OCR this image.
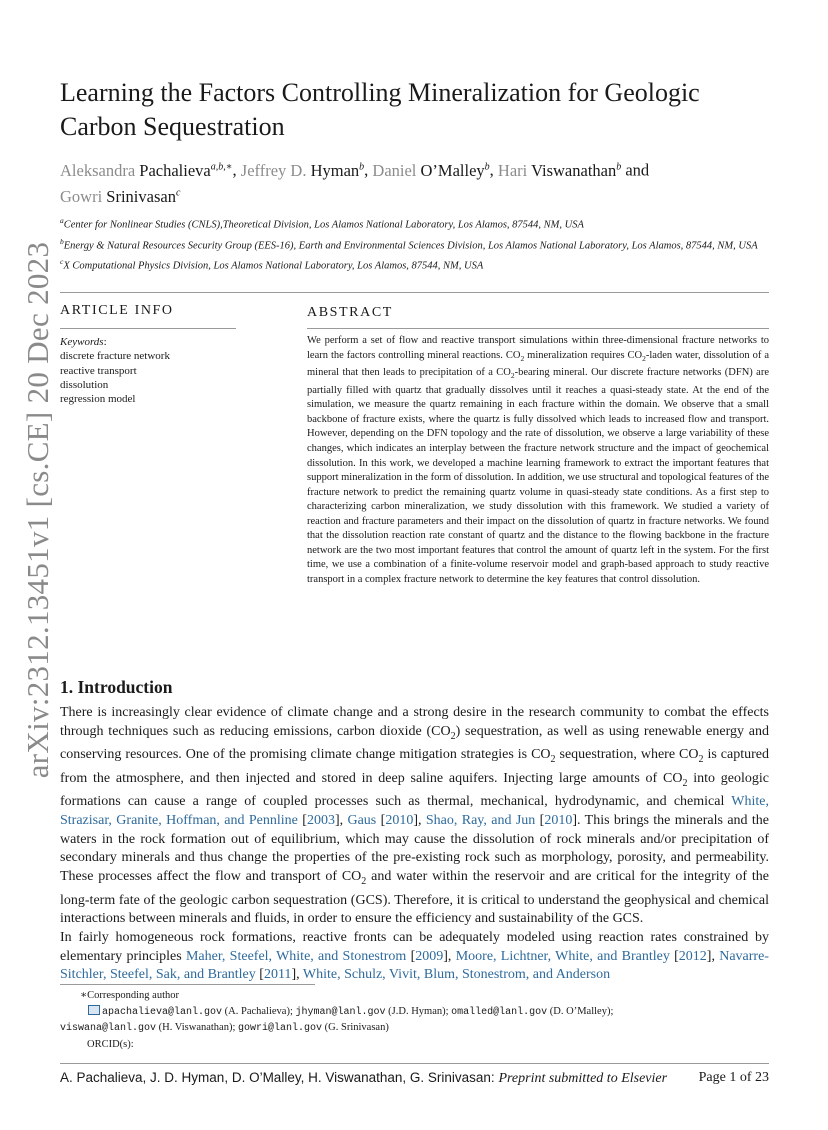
arXiv:2312.13451v1 [cs.CE] 20 Dec 2023
Learning the Factors Controlling Mineralization for Geologic
Carbon Sequestration
Aleksandra Pachalieva$^{a,b,∗}$, Jeffrey D. Hyman$^b$, Daniel O’Malley$^b$, Hari Viswanathan$^b$ and
Gowri Srinivasan$^c$
$^a$Center for Nonlinear Studies (CNLS),Theoretical Division, Los Alamos National Laboratory, Los Alamos, 87544, NM, USA
$^b$Energy & Natural Resources Security Group (EES-16), Earth and Environmental Sciences Division, Los Alamos National Laboratory, Los Alamos, 87544, NM, USA
$^c$X Computational Physics Division, Los Alamos National Laboratory, Los Alamos, 87544, NM, USA
ARTICLE INFO	ABSTRACT
Keywords:
discrete fracture network
reactive transport
dissolution
regression model
We perform a set of flow and reactive transport simulations within three-dimensional fracture networks to learn the factors controlling mineral reactions. $CO_2$ mineralization requires $CO_2$-laden water, dissolution of a mineral that then leads to precipitation of a $CO_2$-bearing mineral. Our discrete fracture networks (DFN) are partially filled with quartz that gradually dissolves until it reaches a quasi-steady state. At the end of the simulation, we measure the quartz remaining in each fracture within the domain. We observe that a small backbone of fracture exists, where the quartz is fully dissolved which leads to increased flow and transport. However, depending on the DFN topology and the rate of dissolution, we observe a large variability of these changes, which indicates an interplay between the fracture network structure and the impact of geochemical dissolution. In this work, we developed a machine learning framework to extract the important features that support mineralization in the form of dissolution. In addition, we use structural and topological features of the fracture network to predict the remaining quartz volume in quasi-steady state conditions. As a first step to characterizing carbon mineralization, we study dissolution with this framework. We studied a variety of reaction and fracture parameters and their impact on the dissolution of quartz in fracture networks. We found that the dissolution reaction rate constant of quartz and the distance to the flowing backbone in the fracture network are the two most important features that control the amount of quartz left in the system. For the first time, we use a combination of a finite-volume reservoir model and graph-based approach to study reactive transport in a complex fracture network to determine the key features that control dissolution.
1. Introduction

There is increasingly clear evidence of climate change and a strong desire in the research community to combat the effects through techniques such as reducing emissions, carbon dioxide $(CO_2)$ sequestration, as well as using renewable energy and conserving resources. One of the promising climate change mitigation strategies is $CO_2$ sequestration, where $CO_2$ is captured from the atmosphere, and then injected and stored in deep saline aquifers. Injecting large amounts of $CO_2$ into geologic formations can cause a range of coupled processes such as thermal, mechanical, hydrodynamic, and chemical White, Strazisar, Granite, Hoffman, and Pennline [2003], Gaus [2010], Shao, Ray, and Jun [2010]. This brings the minerals and the waters in the rock formation out of equilibrium, which may cause the dissolution of rock minerals and/or precipitation of secondary minerals and thus change the properties of the pre-existing rock such as morphology, porosity, and permeability. These processes affect the flow and transport of $CO_2$ and water within the reservoir and are critical for the integrity of the long-term fate of the geologic carbon sequestration (GCS). Therefore, it is critical to understand the geophysical and chemical interactions between minerals and fluids, in order to ensure the efficiency and sustainability of the GCS.

In fairly homogeneous rock formations, reactive fronts can be adequately modeled using reaction rates constrained by elementary principles Maher, Steefel, White, and Stonestrom [2009], Moore, Lichtner, White, and Brantley [2012], Navarre-Sitchler, Steefel, Sak, and Brantley [2011], White, Schulz, Vivit, Blum, Stonestrom, and Anderson

∗Corresponding author
apachalieva@lanl.gov (A. Pachalieva); jhyman@lanl.gov (J.D. Hyman); omalled@lanl.gov (D. O’Malley);
viswana@lanl.gov (H. Viswanathan); gowri@lanl.gov (G. Srinivasan)
ORCID(s):
A. Pachalieva, J. D. Hyman, D. O’Malley, H. Viswanathan, G. Srinivasan: Preprint submitted to Elsevier Page 1 of 23
